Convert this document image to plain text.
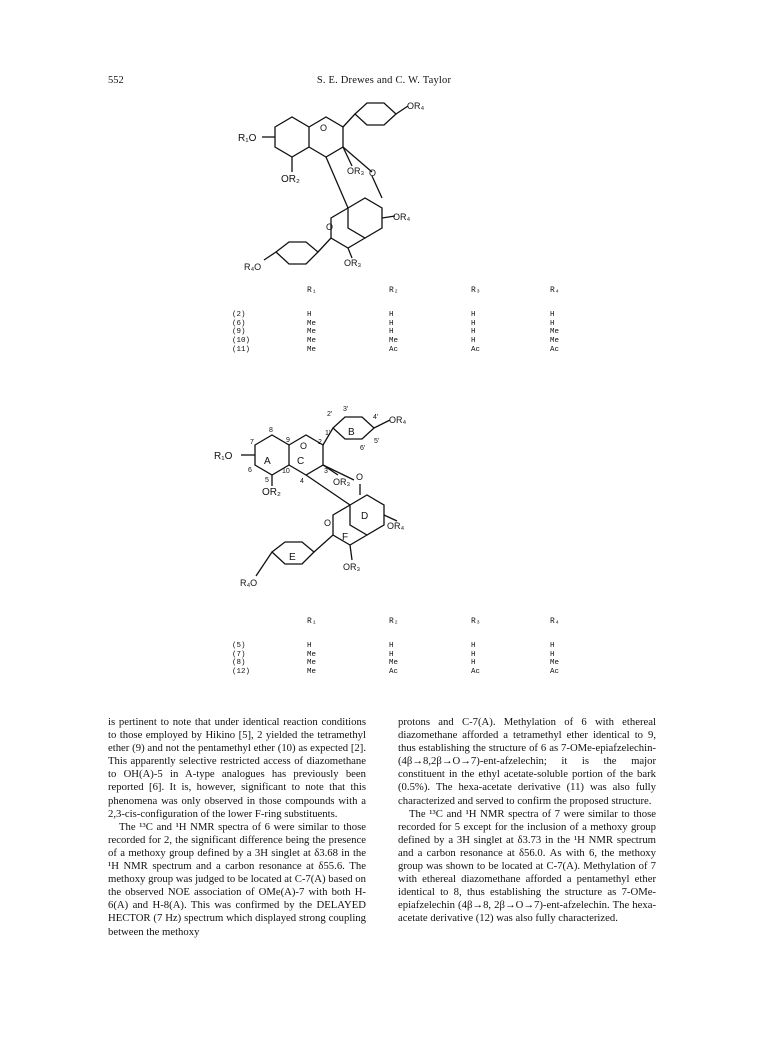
552	S. E. Drewes and C. W. Taylor
R₁O
OR₂
OR₃
OR₄
OR₄
OR₃
R₄O
O
O
O
R₁	R₂	R₃	R₄
(2)	H	H	H	H
(6)	Me	H	H	H
(9)	Me	H	H	Me
(10)	Me	Me	H	Me
(11)	Me	Ac	Ac	Ac
R₁O
OR₂
OR₃
OR₄
OR₄
OR₃
R₄O
O
O
O
A
B
C
D
E
F
2'
3'
4'
5'
6'
1'
8
9
7	2
6
5
10
4
3
R₁	R₂	R₃	R₄
(5)	H	H	H	H
(7)	Me	H	H	H
(8)	Me	Me	H	Me
(12)	Me	Ac	Ac	Ac

is pertinent to note that under identical reaction conditions to those employed by Hikino [5], 2 yielded the tetramethyl ether (9) and not the pentamethyl ether (10) as expected [2]. This apparently selective restricted access of diazomethane to OH(A)-5 in A-type analogues has previously been reported [6]. It is, however, significant to note that this phenomena was only observed in those compounds with a 2,3-cis-configuration of the lower F-ring substituents.

The ¹³C and ¹H NMR spectra of 6 were similar to those recorded for 2, the significant difference being the presence of a methoxy group defined by a 3H singlet at δ3.68 in the ¹H NMR spectrum and a carbon resonance at δ55.6. The methoxy group was judged to be located at C-7(A) based on the observed NOE association of OMe(A)-7 with both H-6(A) and H-8(A). This was confirmed by the DELAYED HECTOR (7 Hz) spectrum which displayed strong coupling between the methoxy

protons and C-7(A). Methylation of 6 with ethereal diazomethane afforded a tetramethyl ether identical to 9, thus establishing the structure of 6 as 7-OMe-epiafzelechin-(4β→8,2β→O→7)-ent-afzelechin; it is the major constituent in the ethyl acetate-soluble portion of the bark (0.5%). The hexa-acetate derivative (11) was also fully characterized and served to confirm the proposed structure.

The ¹³C and ¹H NMR spectra of 7 were similar to those recorded for 5 except for the inclusion of a methoxy group defined by a 3H singlet at δ3.73 in the ¹H NMR spectrum and a carbon resonance at δ56.0. As with 6, the methoxy group was shown to be located at C-7(A). Methylation of 7 with ethereal diazomethane afforded a pentamethyl ether identical to 8, thus establishing the structure as 7-OMe-epiafzelechin (4β→8, 2β→O→7)-ent-afzelechin. The hexa-acetate derivative (12) was also fully characterized.
